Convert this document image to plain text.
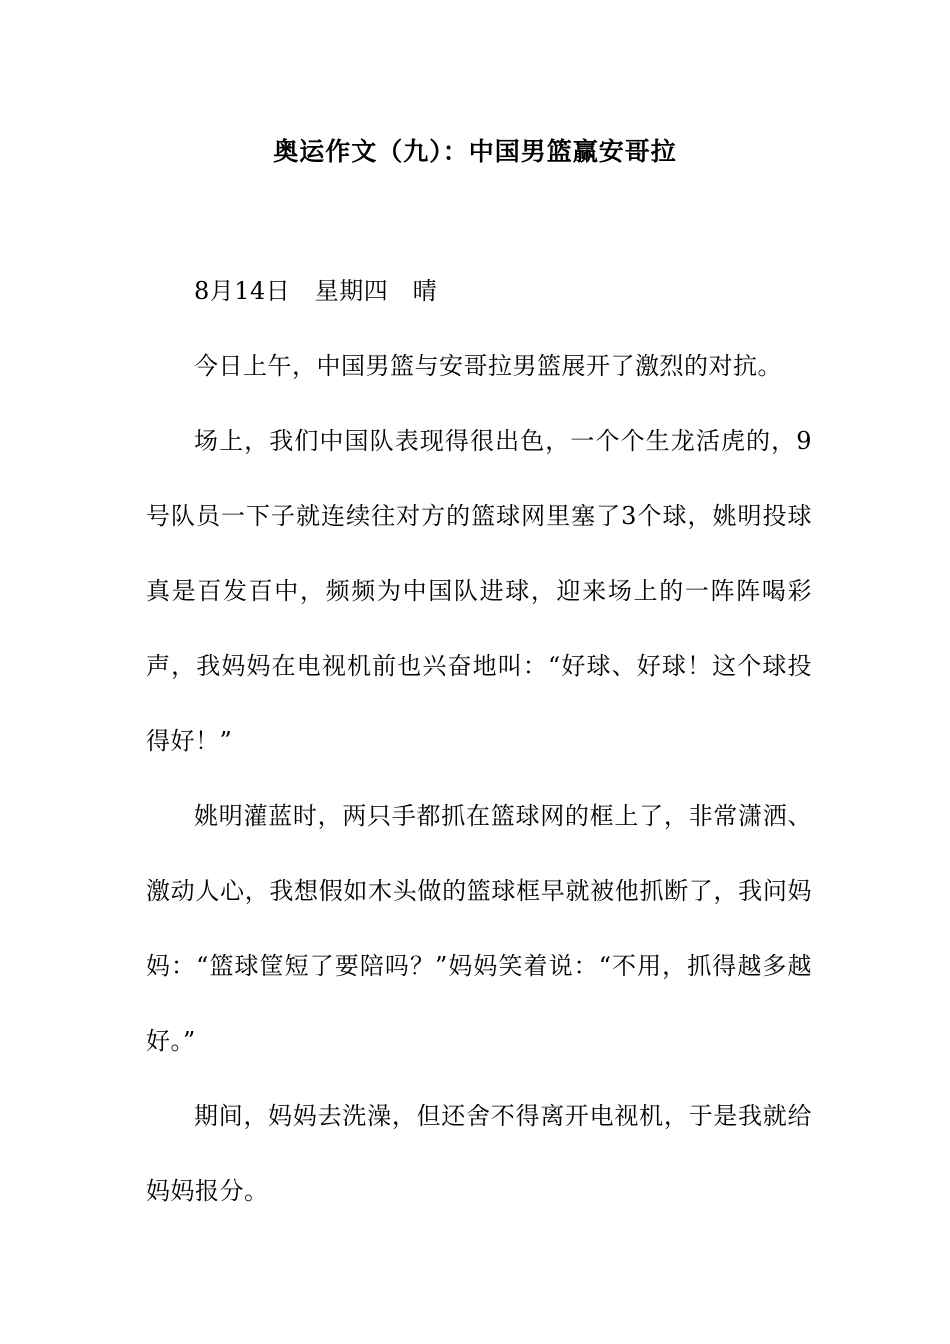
奥运作文（九）：中国男篮赢安哥拉

8月14日　星期四　晴

今日上午，中国男篮与安哥拉男篮展开了激烈的对抗。

场上，我们中国队表现得很出色，一个个生龙活虎的，9号队员一下子就连续往对方的篮球网里塞了3个球，姚明投球真是百发百中，频频为中国队进球，迎来场上的一阵阵喝彩声，我妈妈在电视机前也兴奋地叫：“好球、好球！这个球投得好！”

姚明灌蓝时，两只手都抓在篮球网的框上了，非常潇洒、激动人心，我想假如木头做的篮球框早就被他抓断了，我问妈妈：“篮球筐短了要陪吗？”妈妈笑着说：“不用，抓得越多越好。”

期间，妈妈去洗澡，但还舍不得离开电视机，于是我就给妈妈报分。
